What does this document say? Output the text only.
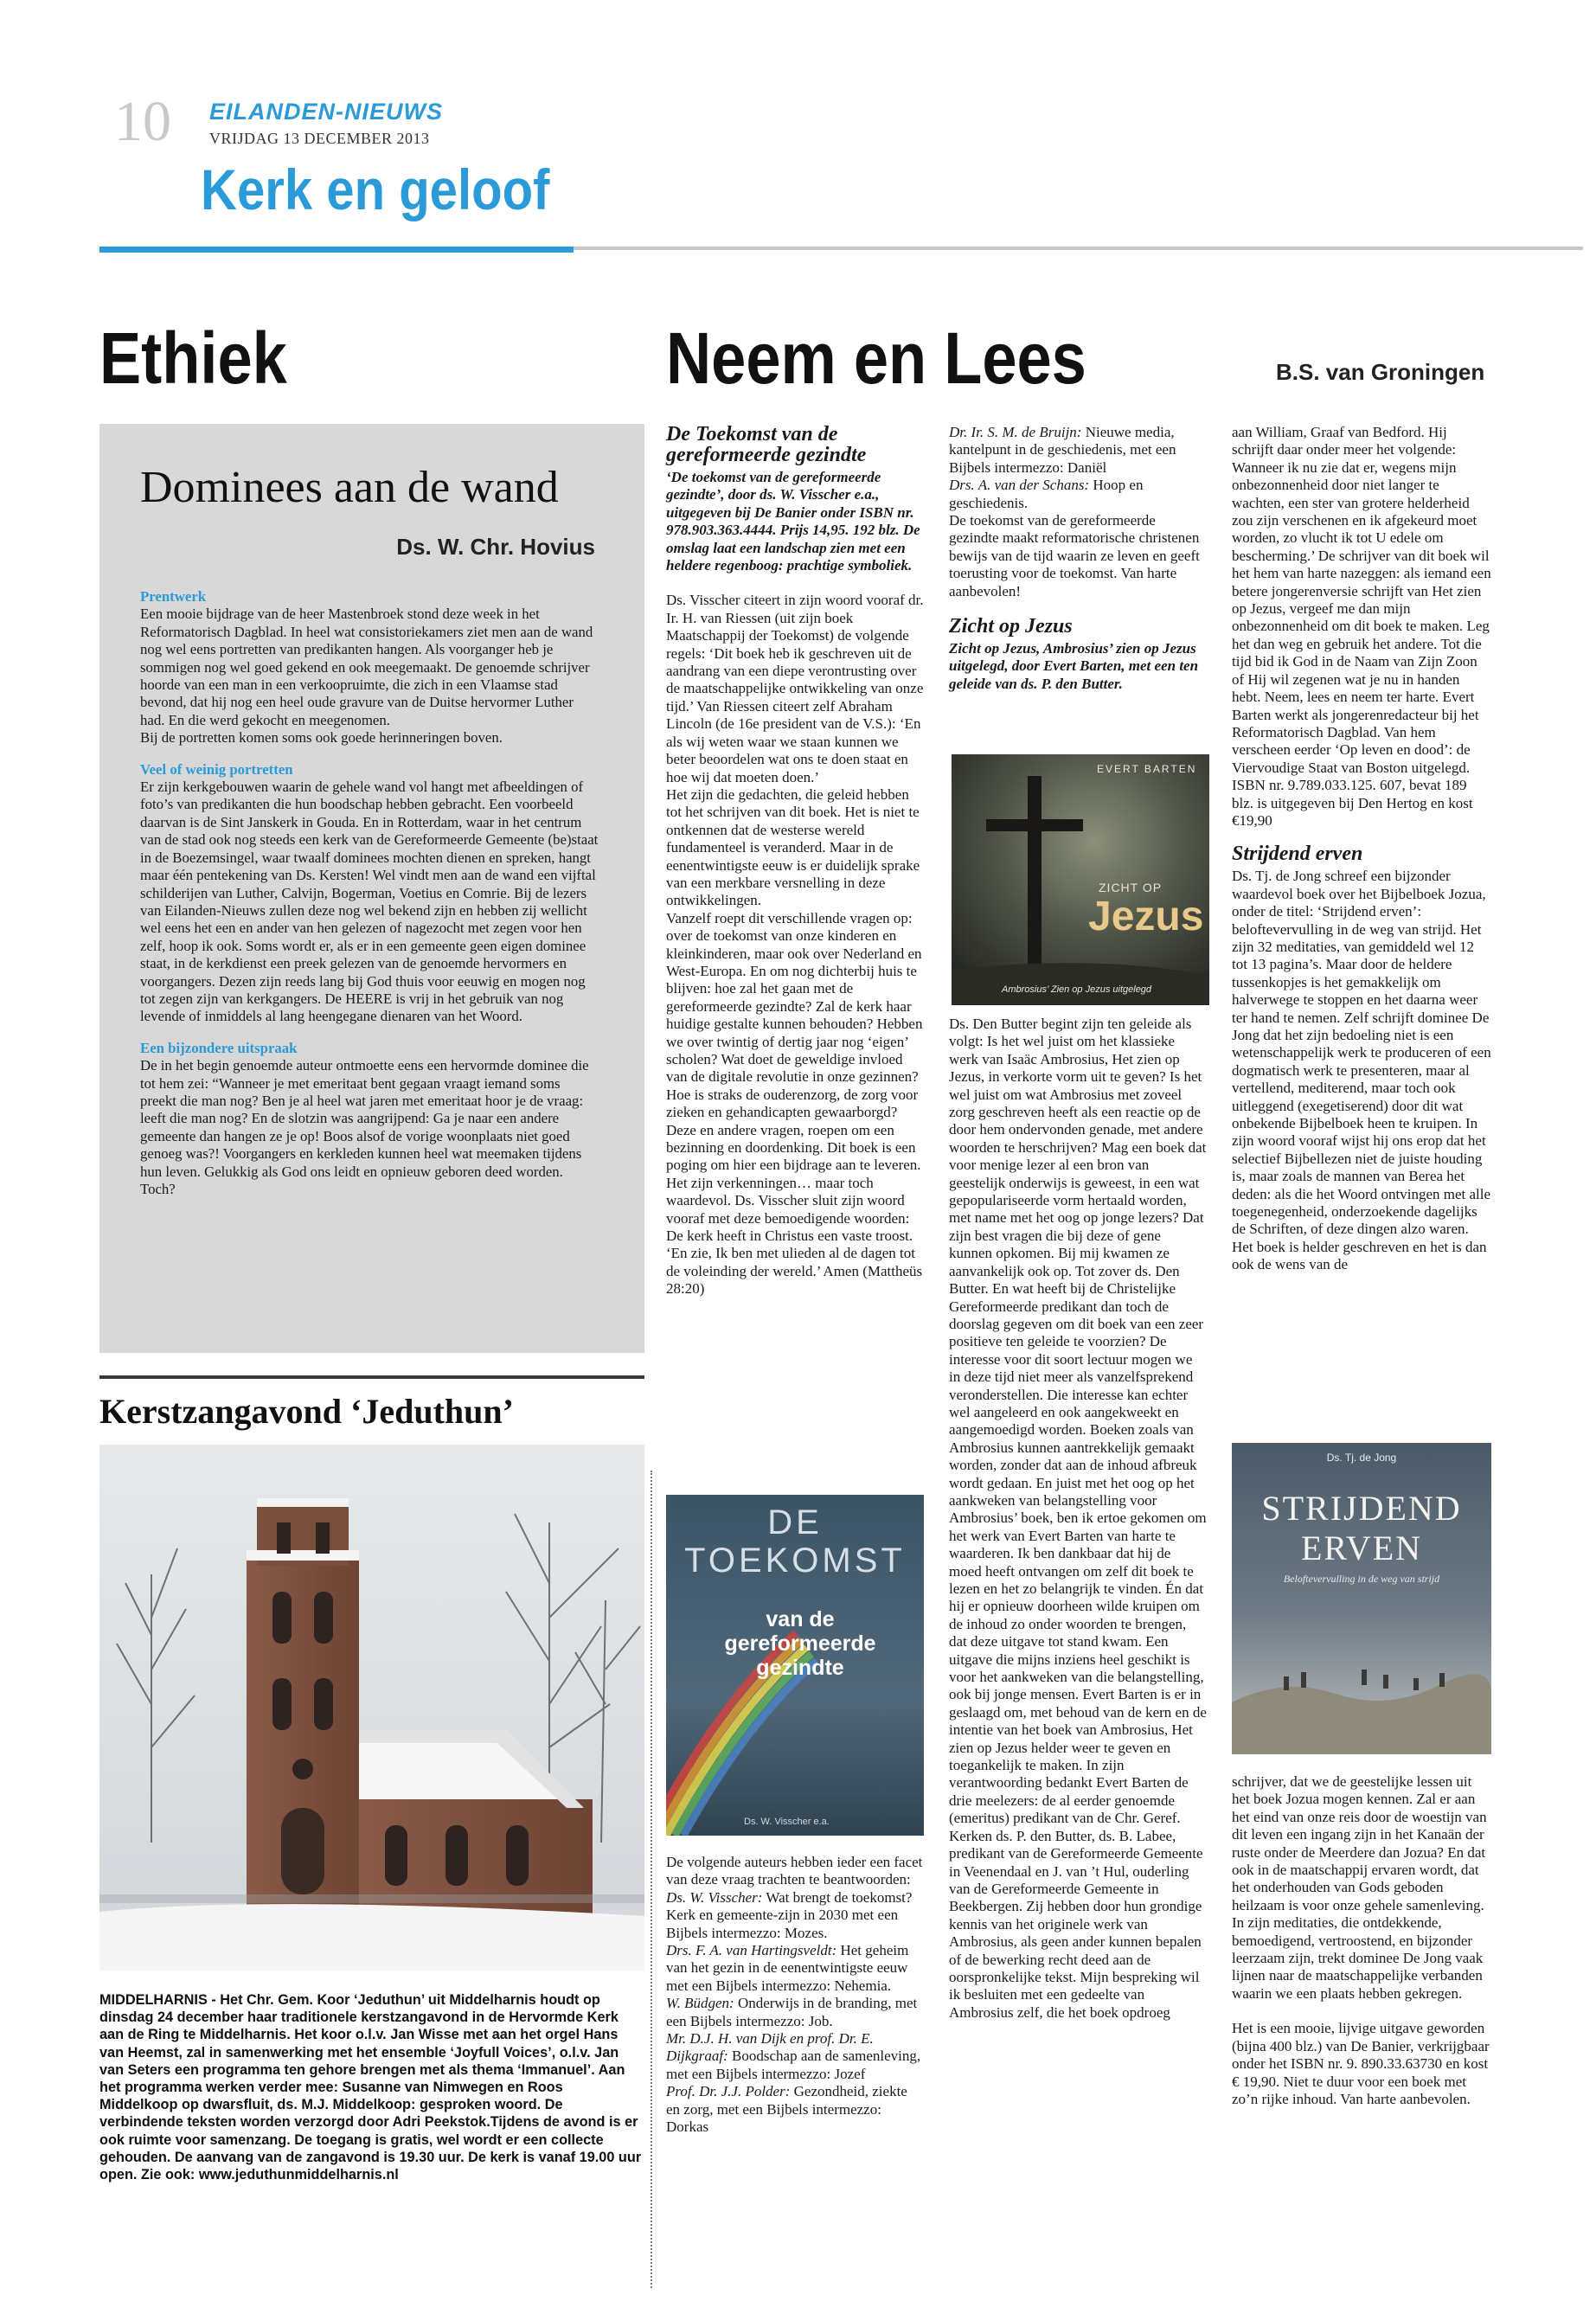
10 EILANDEN-NIEUWS
VRIJDAG 13 DECEMBER 2013
Kerk en geloof
Ethiek
Dominees aan de wand
Ds. W. Chr. Hovius

Prentwerk

Een mooie bijdrage van de heer Mastenbroek stond deze week in het Reformatorisch Dagblad. In heel wat consistoriekamers ziet men aan de wand nog wel eens portretten van predikanten hangen. Als voorganger heb je sommigen nog wel goed gekend en ook meegemaakt. De genoemde schrijver hoorde van een man in een verkoopruimte, die zich in een Vlaamse stad bevond, dat hij nog een heel oude gravure van de Duitse hervormer Luther had. En die werd gekocht en meegenomen.

Bij de portretten komen soms ook goede herinneringen boven.

Veel of weinig portretten

Er zijn kerkgebouwen waarin de gehele wand vol hangt met afbeeldingen of foto’s van predikanten die hun boodschap hebben gebracht. Een voorbeeld daarvan is de Sint Janskerk in Gouda. En in Rotterdam, waar in het centrum van de stad ook nog steeds een kerk van de Gereformeerde Gemeente (be)staat in de Boezemsingel, waar twaalf dominees mochten dienen en spreken, hangt maar één pentekening van Ds. Kersten! Wel vindt men aan de wand een vijftal schilderijen van Luther, Calvijn, Bogerman, Voetius en Comrie. Bij de lezers van Eilanden-Nieuws zullen deze nog wel bekend zijn en hebben zij wellicht wel eens het een en ander van hen gelezen of nagezocht met zegen voor hen zelf, hoop ik ook. Soms wordt er, als er in een gemeente geen eigen dominee staat, in de kerkdienst een preek gelezen van de genoemde hervormers en voorgangers. Dezen zijn reeds lang bij God thuis voor eeuwig en mogen nog tot zegen zijn van kerkgangers. De HEERE is vrij in het gebruik van nog levende of inmiddels al lang heengegane dienaren van het Woord.

Een bijzondere uitspraak

De in het begin genoemde auteur ontmoette eens een hervormde dominee die tot hem zei: “Wanneer je met emeritaat bent gegaan vraagt iemand soms preekt die man nog? Ben je al heel wat jaren met emeritaat hoor je de vraag: leeft die man nog? En de slotzin was aangrijpend: Ga je naar een andere gemeente dan hangen ze je op! Boos alsof de vorige woonplaats niet goed genoeg was?! Voorgangers en kerkleden kunnen heel wat meemaken tijdens hun leven. Gelukkig als God ons leidt en opnieuw geboren deed worden. Toch?

Kerstzangavond ‘Jeduthun’
MIDDELHARNIS - Het Chr. Gem. Koor ‘Jeduthun’ uit Middelharnis houdt op dinsdag 24 december haar traditionele kerstzangavond in de Hervormde Kerk aan de Ring te Middelharnis. Het koor o.l.v. Jan Wisse met aan het orgel Hans van Heemst, zal in samenwerking met het ensemble ‘Joyfull Voices’, o.l.v. Jan van Seters een programma ten gehore brengen met als thema ‘Immanuel’. Aan het programma werken verder mee: Susanne van Nimwegen en Roos Middelkoop op dwarsfluit, ds. M.J. Middelkoop: gesproken woord. De verbindende teksten worden verzorgd door Adri Peekstok.Tijdens de avond is er ook ruimte voor samenzang. De toegang is gratis, wel wordt er een collecte gehouden. De aanvang van de zangavond is 19.30 uur. De kerk is vanaf 19.00 uur open. Zie ook: www.jeduthunmiddelharnis.nl
Neem en Lees	B.S. van Groningen

De Toekomst van de gereformeerde gezindte

‘De toekomst van de gereformeerde gezindte’, door ds. W. Visscher e.a., uitgegeven bij De Banier onder ISBN nr. 978.903.363.4444. Prijs 14,95. 192 blz. De omslag laat een landschap zien met een heldere regenboog: prachtige symboliek.

Ds. Visscher citeert in zijn woord vooraf dr. Ir. H. van Riessen (uit zijn boek Maatschappij der Toekomst) de volgende regels: ‘Dit boek heb ik geschreven uit de aandrang van een diepe verontrusting over de maatschappelijke ontwikkeling van onze tijd.’ Van Riessen citeert zelf Abraham Lincoln (de 16e president van de V.S.): ‘En als wij weten waar we staan kunnen we beter beoordelen wat ons te doen staat en hoe wij dat moeten doen.’

Het zijn die gedachten, die geleid hebben tot het schrijven van dit boek. Het is niet te ontkennen dat de westerse wereld fundamenteel is veranderd. Maar in de eenentwintigste eeuw is er duidelijk sprake van een merkbare versnelling in deze ontwikkelingen.

Vanzelf roept dit verschillende vragen op: over de toekomst van onze kinderen en kleinkinderen, maar ook over Nederland en West-Europa. En om nog dichterbij huis te blijven: hoe zal het gaan met de gereformeerde gezindte? Zal de kerk haar huidige gestalte kunnen behouden? Hebben we over twintig of dertig jaar nog ‘eigen’ scholen? Wat doet de geweldige invloed van de digitale revolutie in onze gezinnen? Hoe is straks de ouderenzorg, de zorg voor zieken en gehandicapten gewaarborgd? Deze en andere vragen, roepen om een bezinning en doordenking. Dit boek is een poging om hier een bijdrage aan te leveren. Het zijn verkenningen… maar toch waardevol. Ds. Visscher sluit zijn woord vooraf met deze bemoedigende woorden: De kerk heeft in Christus een vaste troost. ‘En zie, Ik ben met ulieden al de dagen tot de voleinding der wereld.’ Amen (Mattheüs 28:20)

DE TOEKOMST
van de gereformeerde gezindte
Ds. W. Visscher e.a.

De volgende auteurs hebben ieder een facet van deze vraag trachten te beantwoorden:

Ds. W. Visscher: Wat brengt de toekomst? Kerk en gemeente-zijn in 2030 met een Bijbels intermezzo: Mozes.

Drs. F. A. van Hartingsveldt: Het geheim van het gezin in de eenentwintigste eeuw met een Bijbels intermezzo: Nehemia.

W. Büdgen: Onderwijs in de branding, met een Bijbels intermezzo: Job.

Mr. D.J. H. van Dijk en prof. Dr. E. Dijkgraaf: Boodschap aan de samenleving, met een Bijbels intermezzo: Jozef

Prof. Dr. J.J. Polder: Gezondheid, ziekte en zorg, met een Bijbels intermezzo: Dorkas

Dr. Ir. S. M. de Bruijn: Nieuwe media, kantelpunt in de geschiedenis, met een Bijbels intermezzo: Daniël

Drs. A. van der Schans: Hoop en geschiedenis.

De toekomst van de gereformeerde gezindte maakt reformatorische christenen bewijs van de tijd waarin ze leven en geeft toerusting voor de toekomst. Van harte aanbevolen!

Zicht op Jezus

Zicht op Jezus, Ambrosius’ zien op Jezus uitgelegd, door Evert Barten, met een ten geleide van ds. P. den Butter.

EVERT BARTEN
ZICHT OP
Jezus
Ambrosius’ Zien op Jezus uitgelegd

Ds. Den Butter begint zijn ten geleide als volgt: Is het wel juist om het klassieke werk van Isaäc Ambrosius, Het zien op Jezus, in verkorte vorm uit te geven? Is het wel juist om wat Ambrosius met zoveel zorg geschreven heeft als een reactie op de door hem ondervonden genade, met andere woorden te herschrijven? Mag een boek dat voor menige lezer al een bron van geestelijk onderwijs is geweest, in een wat gepopulariseerde vorm hertaald worden, met name met het oog op jonge lezers? Dat zijn best vragen die bij deze of gene kunnen opkomen. Bij mij kwamen ze aanvankelijk ook op. Tot zover ds. Den Butter. En wat heeft bij de Christelijke Gereformeerde predikant dan toch de doorslag gegeven om dit boek van een zeer positieve ten geleide te voorzien? De interesse voor dit soort lectuur mogen we in deze tijd niet meer als vanzelfsprekend veronderstellen. Die interesse kan echter wel aangeleerd en ook aangekweekt en aangemoedigd worden. Boeken zoals van Ambrosius kunnen aantrekkelijk gemaakt worden, zonder dat aan de inhoud afbreuk wordt gedaan. En juist met het oog op het aankweken van belangstelling voor Ambrosius’ boek, ben ik ertoe gekomen om het werk van Evert Barten van harte te waarderen. Ik ben dankbaar dat hij de moed heeft ontvangen om zelf dit boek te lezen en het zo belangrijk te vinden. Én dat hij er opnieuw doorheen wilde kruipen om de inhoud zo onder woorden te brengen, dat deze uitgave tot stand kwam. Een uitgave die mijns inziens heel geschikt is voor het aankweken van die belangstelling, ook bij jonge mensen. Evert Barten is er in geslaagd om, met behoud van de kern en de intentie van het boek van Ambrosius, Het zien op Jezus helder weer te geven en toegankelijk te maken. In zijn verantwoording bedankt Evert Barten de drie meelezers: de al eerder genoemde (emeritus) predikant van de Chr. Geref. Kerken ds. P. den Butter, ds. B. Labee, predikant van de Gereformeerde Gemeente in Veenendaal en J. van ’t Hul, ouderling van de Gereformeerde Gemeente in Beekbergen. Zij hebben door hun grondige kennis van het originele werk van Ambrosius, als geen ander kunnen bepalen of de bewerking recht deed aan de oorspronkelijke tekst. Mijn bespreking wil ik besluiten met een gedeelte van Ambrosius zelf, die het boek opdroeg

aan William, Graaf van Bedford. Hij schrijft daar onder meer het volgende: Wanneer ik nu zie dat er, wegens mijn onbezonnenheid door niet langer te wachten, een ster van grotere helderheid zou zijn verschenen en ik afgekeurd moet worden, zo vlucht ik tot U edele om bescherming.’ De schrijver van dit boek wil het hem van harte nazeggen: als iemand een betere jongerenversie schrijft van Het zien op Jezus, vergeef me dan mijn onbezonnenheid om dit boek te maken. Leg het dan weg en gebruik het andere. Tot die tijd bid ik God in de Naam van Zijn Zoon of Hij wil zegenen wat je nu in handen hebt. Neem, lees en neem ter harte. Evert Barten werkt als jongerenredacteur bij het Reformatorisch Dagblad. Van hem verscheen eerder ‘Op leven en dood’: de Viervoudige Staat van Boston uitgelegd. ISBN nr. 9.789.033.125. 607, bevat 189 blz. is uitgegeven bij Den Hertog en kost €19,90

Strijdend erven

Ds. Tj. de Jong schreef een bijzonder waardevol boek over het Bijbelboek Jozua, onder de titel: ‘Strijdend erven’: beloftevervulling in de weg van strijd. Het zijn 32 meditaties, van gemiddeld wel 12 tot 13 pagina’s. Maar door de heldere tussenkopjes is het gemakkelijk om halverwege te stoppen en het daarna weer ter hand te nemen. Zelf schrijft dominee De Jong dat het zijn bedoeling niet is een wetenschappelijk werk te produceren of een dogmatisch werk te presenteren, maar al vertellend, mediterend, maar toch ook uitleggend (exegetiserend) door dit wat onbekende Bijbelboek heen te kruipen. In zijn woord vooraf wijst hij ons erop dat het selectief Bijbellezen niet de juiste houding is, maar zoals de mannen van Berea het deden: als die het Woord ontvingen met alle toegenegenheid, onderzoekende dagelijks de Schriften, of deze dingen alzo waren. Het boek is helder geschreven en het is dan ook de wens van de

Ds. Tj. de Jong
STRIJDEND
ERVEN
Beloftevervulling in de weg van strijd

schrijver, dat we de geestelijke lessen uit het boek Jozua mogen kennen. Zal er aan het eind van onze reis door de woestijn van dit leven een ingang zijn in het Kanaän der ruste onder de Meerdere dan Jozua? En dat ook in de maatschappij ervaren wordt, dat het onderhouden van Gods geboden heilzaam is voor onze gehele samenleving. In zijn meditaties, die ontdekkende, bemoedigend, vertroostend, en bijzonder leerzaam zijn, trekt dominee De Jong vaak lijnen naar de maatschappelijke verbanden waarin we een plaats hebben gekregen.

Het is een mooie, lijvige uitgave geworden (bijna 400 blz.) van De Banier, verkrijgbaar onder het ISBN nr. 9. 890.33.63730 en kost € 19,90. Niet te duur voor een boek met zo’n rijke inhoud. Van harte aanbevolen.
